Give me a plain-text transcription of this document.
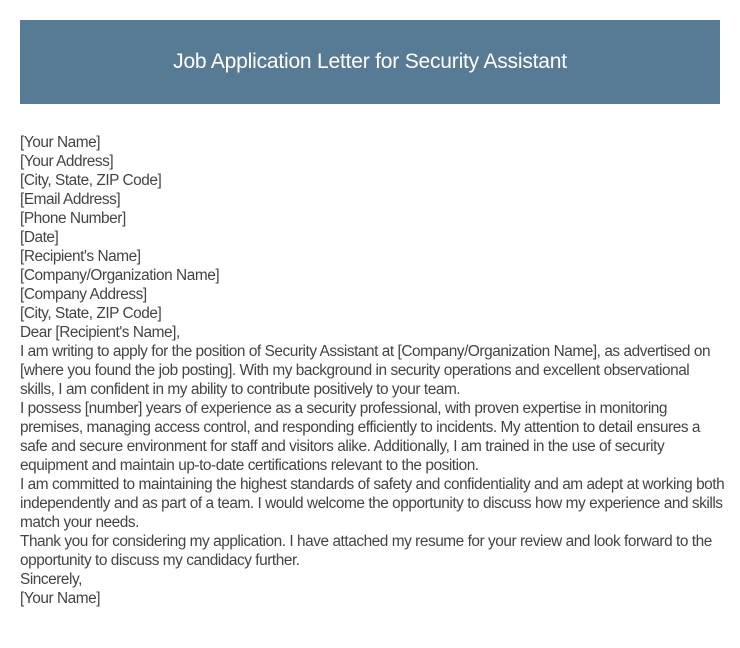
Job Application Letter for Security Assistant
[Your Name]
[Your Address]
[City, State, ZIP Code]
[Email Address]
[Phone Number]
[Date]
[Recipient's Name]
[Company/Organization Name]
[Company Address]
[City, State, ZIP Code]
Dear [Recipient's Name],
I am writing to apply for the position of Security Assistant at [Company/Organization Name], as advertised on [where you found the job posting]. With my background in security operations and excellent observational skills, I am confident in my ability to contribute positively to your team.
I possess [number] years of experience as a security professional, with proven expertise in monitoring premises, managing access control, and responding efficiently to incidents. My attention to detail ensures a safe and secure environment for staff and visitors alike. Additionally, I am trained in the use of security equipment and maintain up-to-date certifications relevant to the position.
I am committed to maintaining the highest standards of safety and confidentiality and am adept at working both independently and as part of a team. I would welcome the opportunity to discuss how my experience and skills match your needs.
Thank you for considering my application. I have attached my resume for your review and look forward to the opportunity to discuss my candidacy further.
Sincerely,
[Your Name]
